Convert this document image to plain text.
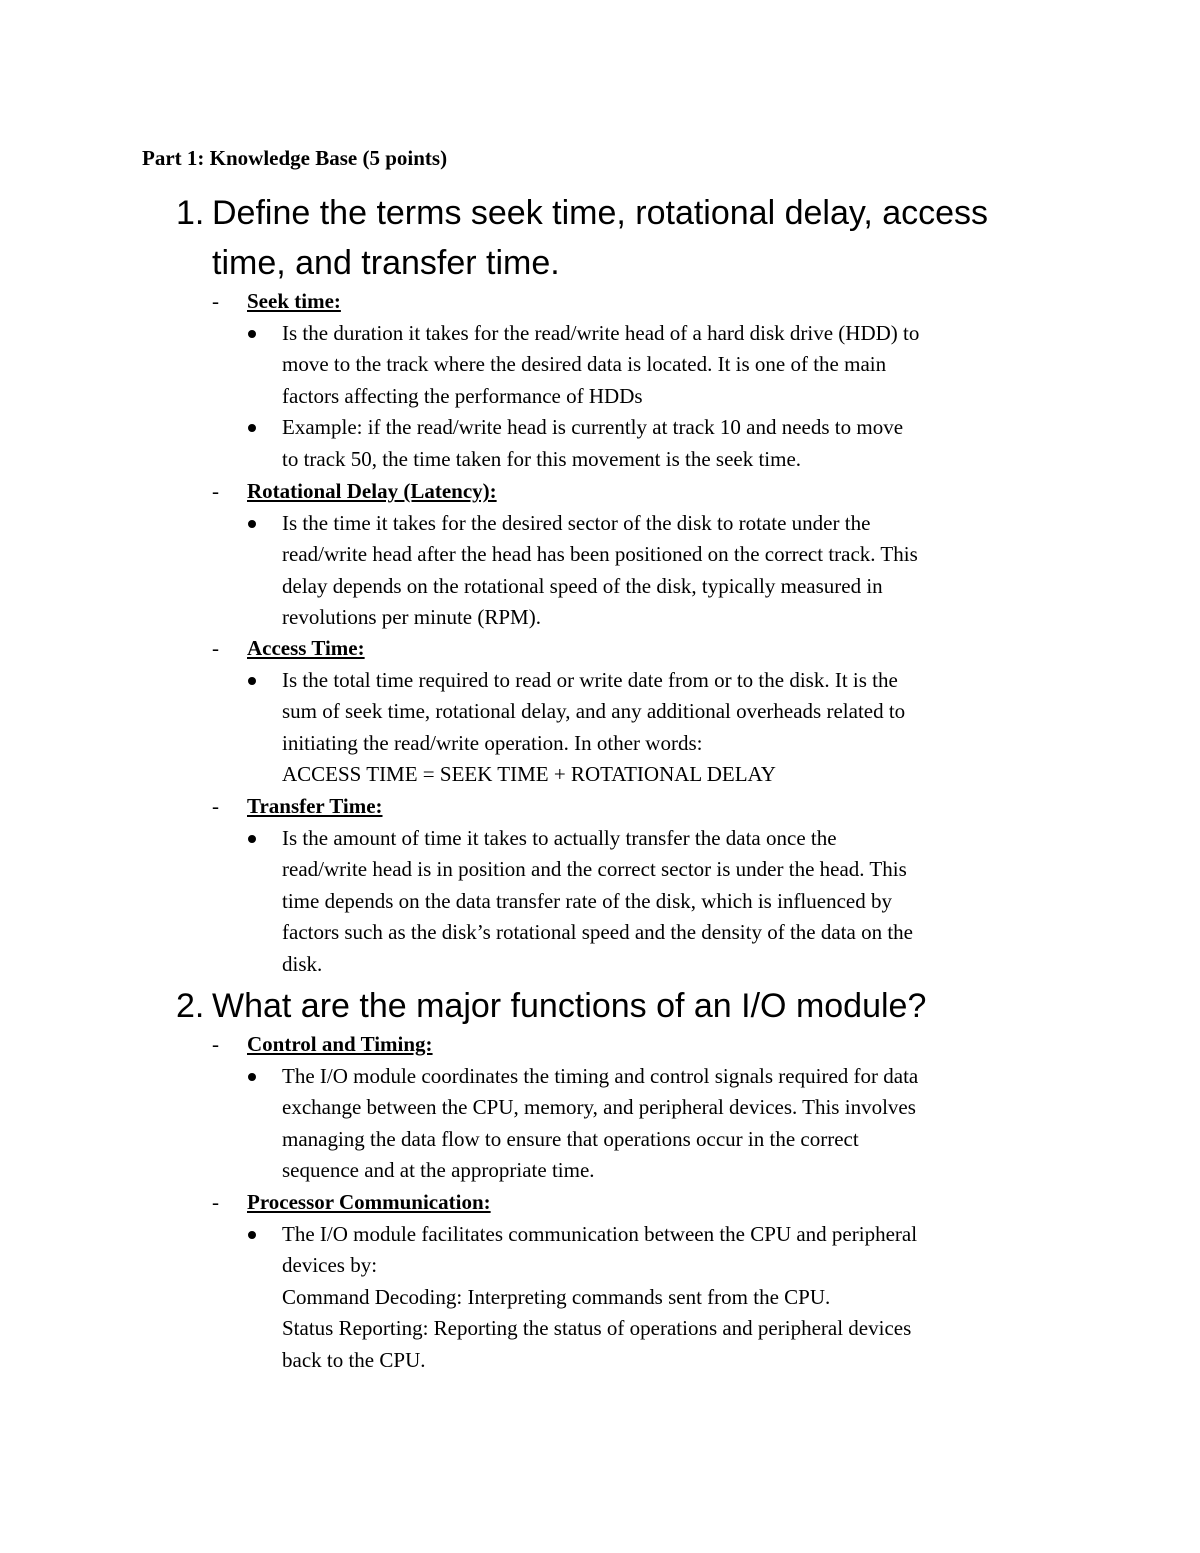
Part 1: Knowledge Base (5 points)
1. Define the terms seek time, rotational delay, access
time, and transfer time.
- Seek time:
Is the duration it takes for the read/write head of a hard disk drive (HDD) to
move to the track where the desired data is located. It is one of the main
factors affecting the performance of HDDs
Example: if the read/write head is currently at track 10 and needs to move
to track 50, the time taken for this movement is the seek time.
- Rotational Delay (Latency):
Is the time it takes for the desired sector of the disk to rotate under the
read/write head after the head has been positioned on the correct track. This
delay depends on the rotational speed of the disk, typically measured in
revolutions per minute (RPM).
- Access Time:
Is the total time required to read or write date from or to the disk. It is the
sum of seek time, rotational delay, and any additional overheads related to
initiating the read/write operation. In other words:
ACCESS TIME = SEEK TIME + ROTATIONAL DELAY
- Transfer Time:
Is the amount of time it takes to actually transfer the data once the
read/write head is in position and the correct sector is under the head. This
time depends on the data transfer rate of the disk, which is influenced by
factors such as the disk’s rotational speed and the density of the data on the
disk.
2. What are the major functions of an I/O module?
- Control and Timing:
The I/O module coordinates the timing and control signals required for data
exchange between the CPU, memory, and peripheral devices. This involves
managing the data flow to ensure that operations occur in the correct
sequence and at the appropriate time.
- Processor Communication:
The I/O module facilitates communication between the CPU and peripheral
devices by:
Command Decoding: Interpreting commands sent from the CPU.
Status Reporting: Reporting the status of operations and peripheral devices
back to the CPU.
